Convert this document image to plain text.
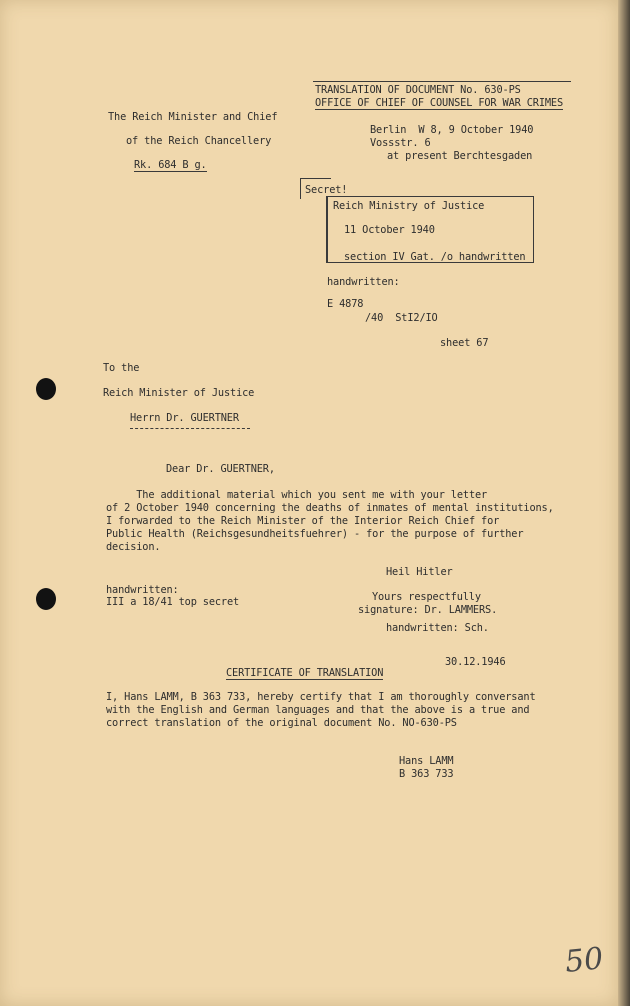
TRANSLATION OF DOCUMENT No. 630-PS
OFFICE OF CHIEF OF COUNSEL FOR WAR CRIMES
The Reich Minister and Chief
of the Reich Chancellery
Rk. 684 B g.
Berlin  W 8, 9 October 1940
Vossstr. 6
at present Berchtesgaden
Secret!
Reich Ministry of Justice
11 October 1940
section IV Gat. /o handwritten
handwritten:
E 4878
/40  StI2/IO
sheet 67
To the
Reich Minister of Justice
Herrn Dr. GUERTNER
Dear Dr. GUERTNER,
The additional material which you sent me with your letter
of 2 October 1940 concerning the deaths of inmates of mental institutions,
I forwarded to the Reich Minister of the Interior Reich Chief for
Public Health (Reichsgesundheitsfuehrer) - for the purpose of further
decision.
Heil Hitler
handwritten:
III a 18/41 top secret	Yours respectfully
signature: Dr. LAMMERS.
handwritten: Sch.
30.12.1946
CERTIFICATE OF TRANSLATION
I, Hans LAMM, B 363 733, hereby certify that I am thoroughly conversant
with the English and German languages and that the above is a true and
correct translation of the original document No. NO-630-PS
Hans LAMM
B 363 733
50
